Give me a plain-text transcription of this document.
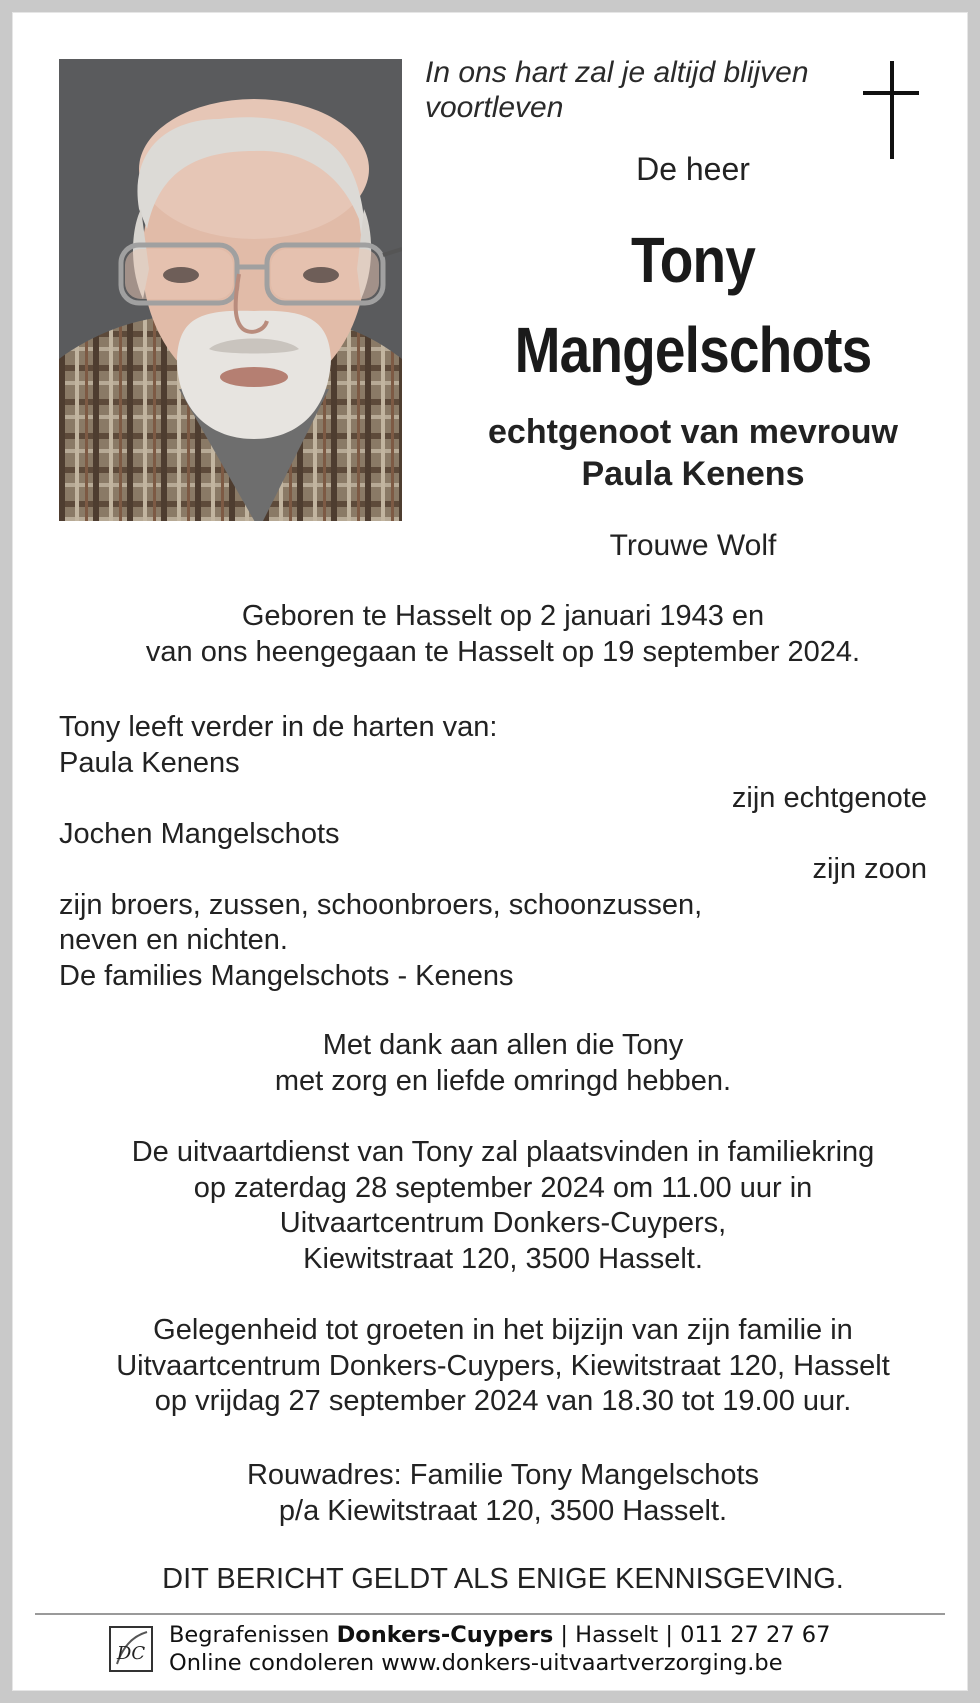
In ons hart zal je altijd blijven voortleven
De heer
Tony
Mangelschots
echtgenoot van mevrouw
Paula Kenens
Trouwe Wolf
Geboren te Hasselt op 2 januari 1943 en
van ons heengegaan te Hasselt op 19 september 2024.
Tony leeft verder in de harten van:
Paula Kenens
zijn echtgenote
Jochen Mangelschots
zijn zoon
zijn broers, zussen, schoonbroers, schoonzussen,
neven en nichten.
De families Mangelschots - Kenens
Met dank aan allen die Tony
met zorg en liefde omringd hebben.
De uitvaartdienst van Tony zal plaatsvinden in familiekring
op zaterdag 28 september 2024 om 11.00 uur in
Uitvaartcentrum Donkers-Cuypers,
Kiewitstraat 120, 3500 Hasselt.
Gelegenheid tot groeten in het bijzijn van zijn familie in
Uitvaartcentrum Donkers-Cuypers, Kiewitstraat 120, Hasselt
op vrijdag 27 september 2024 van 18.30 tot 19.00 uur.
Rouwadres: Familie Tony Mangelschots
p/a Kiewitstraat 120, 3500 Hasselt.
DIT BERICHT GELDT ALS ENIGE KENNISGEVING.
DC
Begrafenissen Donkers-Cuypers | Hasselt | 011 27 27 67
Online condoleren www.donkers-uitvaartverzorging.be
